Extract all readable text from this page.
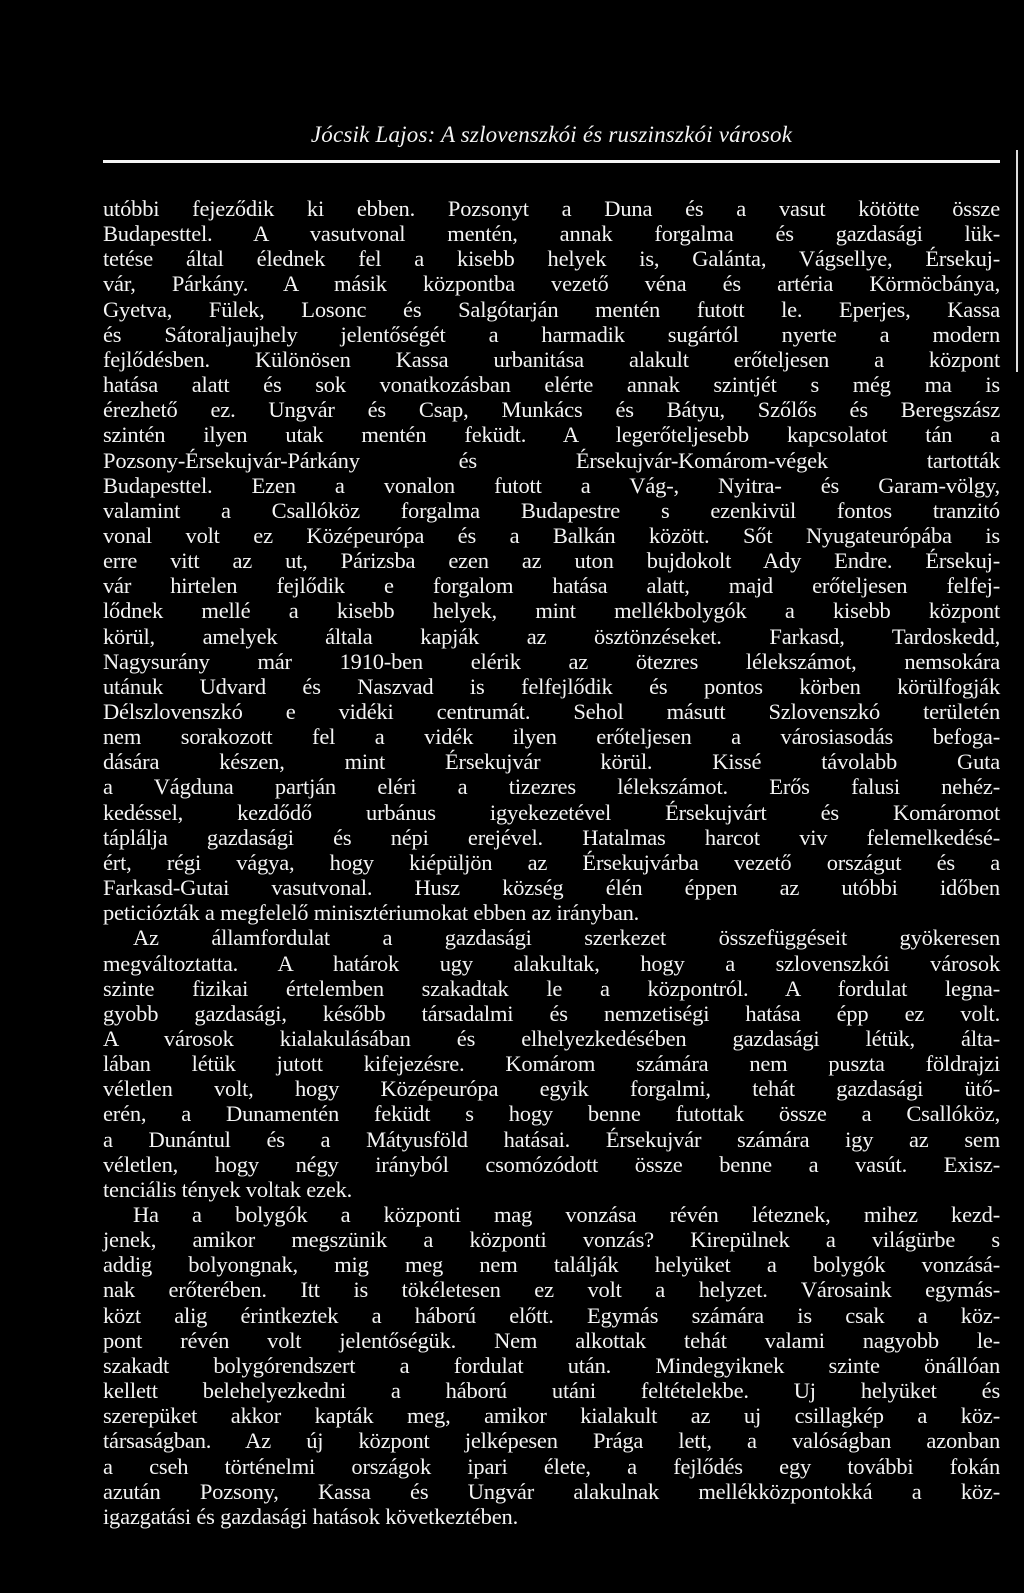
Jócsik Lajos: A szlovenszkói és ruszinszkói városok
utóbbi fejeződik ki ebben. Pozsonyt a Duna és a vasut kötötte össze
Budapesttel. A vasutvonal mentén, annak forgalma és gazdasági lük-
tetése által élednek fel a kisebb helyek is, Galánta, Vágsellye, Érsekuj-
vár, Párkány. A másik központba vezető véna és artéria Körmöcbánya,
Gyetva, Fülek, Losonc és Salgótarján mentén futott le. Eperjes, Kassa
és Sátoraljaujhely jelentőségét a harmadik sugártól nyerte a modern
fejlődésben. Különösen Kassa urbanitása alakult erőteljesen a központ
hatása alatt és sok vonatkozásban elérte annak szintjét s még ma is
érezhető ez. Ungvár és Csap, Munkács és Bátyu, Szőlős és Beregszász
szintén ilyen utak mentén feküdt. A legerőteljesebb kapcsolatot tán a
Pozsony-Érsekujvár-Párkány és Érsekujvár-Komárom-végek tartották
Budapesttel. Ezen a vonalon futott a Vág-, Nyitra- és Garam-völgy,
valamint a Csallóköz forgalma Budapestre s ezenkivül fontos tranzitó
vonal volt ez Középeurópa és a Balkán között. Sőt Nyugateurópába is
erre vitt az ut, Párizsba ezen az uton bujdokolt Ady Endre. Érsekuj-
vár hirtelen fejlődik e forgalom hatása alatt, majd erőteljesen felfej-
lődnek mellé a kisebb helyek, mint mellékbolygók a kisebb központ
körül, amelyek általa kapják az ösztönzéseket. Farkasd, Tardoskedd,
Nagysurány már 1910-ben elérik az ötezres lélekszámot, nemsokára
utánuk Udvard és Naszvad is felfejlődik és pontos körben körülfogják
Délszlovenszkó e vidéki centrumát. Sehol másutt Szlovenszkó területén
nem sorakozott fel a vidék ilyen erőteljesen a városiasodás befoga-
dására készen, mint Érsekujvár körül. Kissé távolabb Guta
a Vágduna partján eléri a tizezres lélekszámot. Erős falusi nehéz-
kedéssel, kezdődő urbánus igyekezetével Érsekujvárt és Komáromot
táplálja gazdasági és népi erejével. Hatalmas harcot viv felemelkedésé-
ért, régi vágya, hogy kiépüljön az Érsekujvárba vezető országut és a
Farkasd-Gutai vasutvonal. Husz község élén éppen az utóbbi időben
peticiózták a megfelelő minisztériumokat ebben az irányban.
Az államfordulat a gazdasági szerkezet összefüggéseit gyökeresen
megváltoztatta. A határok ugy alakultak, hogy a szlovenszkói városok
szinte fizikai értelemben szakadtak le a központról. A fordulat legna-
gyobb gazdasági, később társadalmi és nemzetiségi hatása épp ez volt.
A városok kialakulásában és elhelyezkedésében gazdasági létük, álta-
lában létük jutott kifejezésre. Komárom számára nem puszta földrajzi
véletlen volt, hogy Középeurópa egyik forgalmi, tehát gazdasági ütő-
erén, a Dunamentén feküdt s hogy benne futottak össze a Csallóköz,
a Dunántul és a Mátyusföld hatásai. Érsekujvár számára igy az sem
véletlen, hogy négy irányból csomózódott össze benne a vasút. Exisz-
tenciális tények voltak ezek.
Ha a bolygók a központi mag vonzása révén léteznek, mihez kezd-
jenek, amikor megszünik a központi vonzás? Kirepülnek a világürbe s
addig bolyongnak, mig meg nem találják helyüket a bolygók vonzásá-
nak erőterében. Itt is tökéletesen ez volt a helyzet. Városaink egymás-
közt alig érintkeztek a háború előtt. Egymás számára is csak a köz-
pont révén volt jelentőségük. Nem alkottak tehát valami nagyobb le-
szakadt bolygórendszert a fordulat után. Mindegyiknek szinte önállóan
kellett belehelyezkedni a háború utáni feltételekbe. Uj helyüket és
szerepüket akkor kapták meg, amikor kialakult az uj csillagkép a köz-
társaságban. Az új központ jelképesen Prága lett, a valóságban azonban
a cseh történelmi országok ipari élete, a fejlődés egy további fokán
azután Pozsony, Kassa és Ungvár alakulnak mellékközpontokká a köz-
igazgatási és gazdasági hatások következtében.
